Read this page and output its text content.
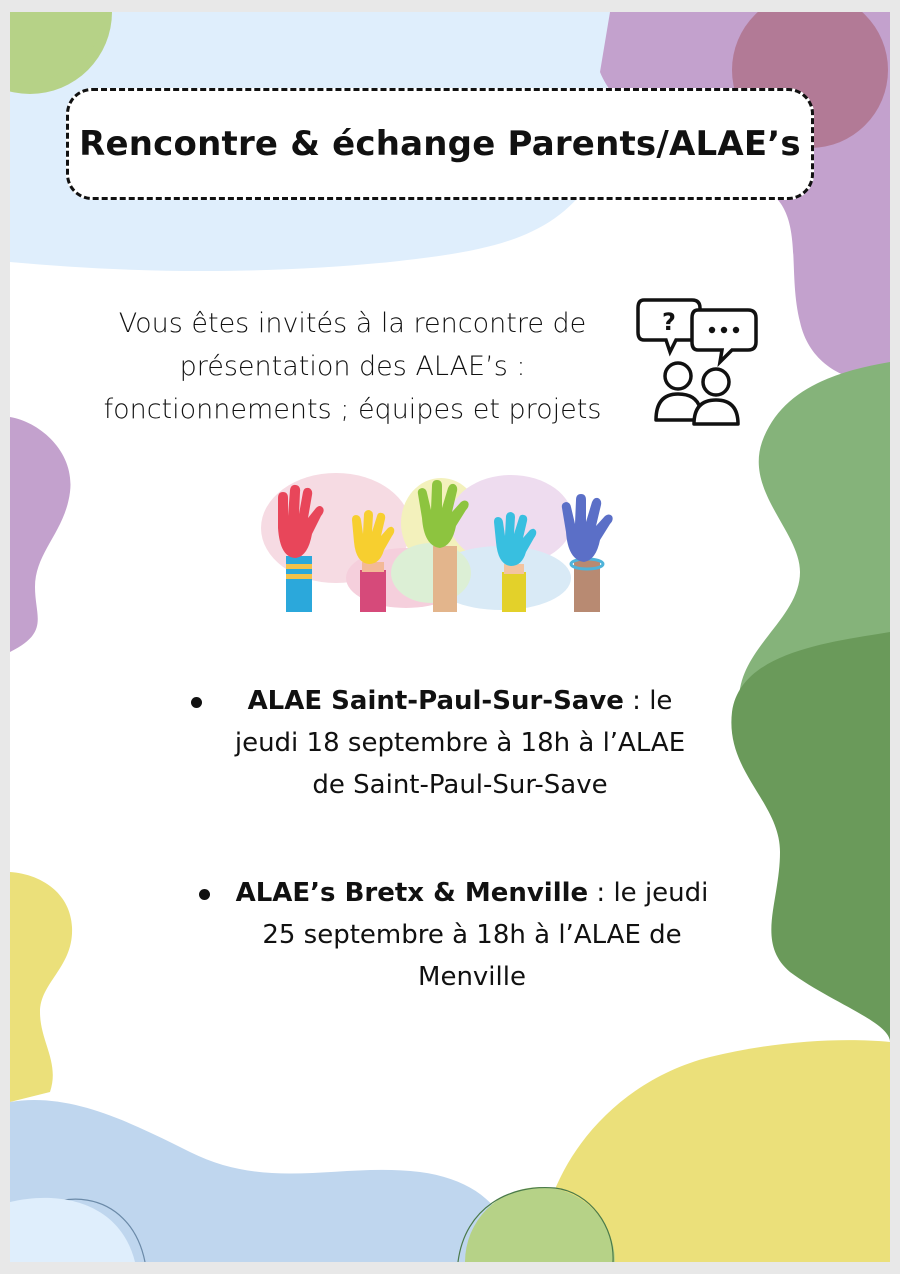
Rencontre & échange Parents/ALAE’s
Vous êtes invités à la rencontre de
présentation des ALAE’s :
fonctionnements ; équipes et projets
?
ALAE Saint-Paul-Sur-Save : le
jeudi 18 septembre à 18h à l’ALAE
de Saint-Paul-Sur-Save
ALAE’s Bretx & Menville : le jeudi
25 septembre à 18h à l’ALAE de
Menville
